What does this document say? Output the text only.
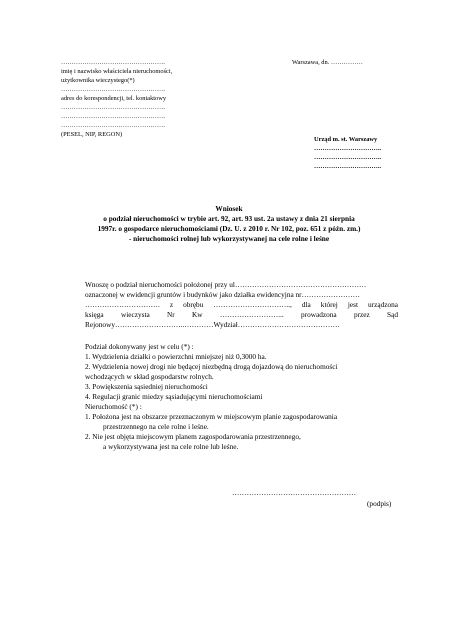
………………………………………….
imię i nazwisko właściciela nieruchomości,
użytkownika wieczystego(*)
………………………………………….
adres do korespondencji, tel. kontaktowy
………………………………………….
………………………………………….
………………………………………….
(PESEL, NIP, REGON)
Warszawa, dn. ……………
Urząd m. st. Warszawy
…………………………..
…………………………..
…………………………..
Wniosek
o podział nieruchomości w trybie art. 92, art. 93 ust. 2a ustawy z dnia 21 sierpnia
1997r. o gospodarce nieruchomościami (Dz. U. z 2010 r. Nr 102, poz. 651 z późn. zm.)
- nieruchomości rolnej lub wykorzystywanej na cele rolne i leśne
Wnoszę o podział nieruchomości położonej przy ul………………………………………………
oznaczonej w ewidencji gruntów i budynków jako działka ewidencyjna nr……………………
…………………………. z obrębu ………………………….., dla której jest urządzona
księga wieczysta Nr Kw ……………………... prowadzona przez Sąd
Rejonowy………………………..…………Wydział……………………………………
Podział dokonywany jest w celu (*) :
1. Wydzielenia działki o powierzchni mniejszej niż 0,3000 ha.
2. Wydzielenia nowej drogi nie będącej niezbędną drogą dojazdową do nieruchomości
wchodzących w skład gospodarstw rolnych.
3. Powiększenia sąsiedniej nieruchomości
4. Regulacji granic miedzy sąsiadującymi nieruchomościami
Nieruchomość (*) :
1. Położona jest na obszarze przeznaczonym w miejscowym planie zagospodarowania
przestrzennego na cele rolne i leśne.
2. Nie jest objęta miejscowym planem zagospodarowania przestrzennego,
a wykorzystywana jest na cele rolne lub leśne.
……………………………………………
(podpis)
